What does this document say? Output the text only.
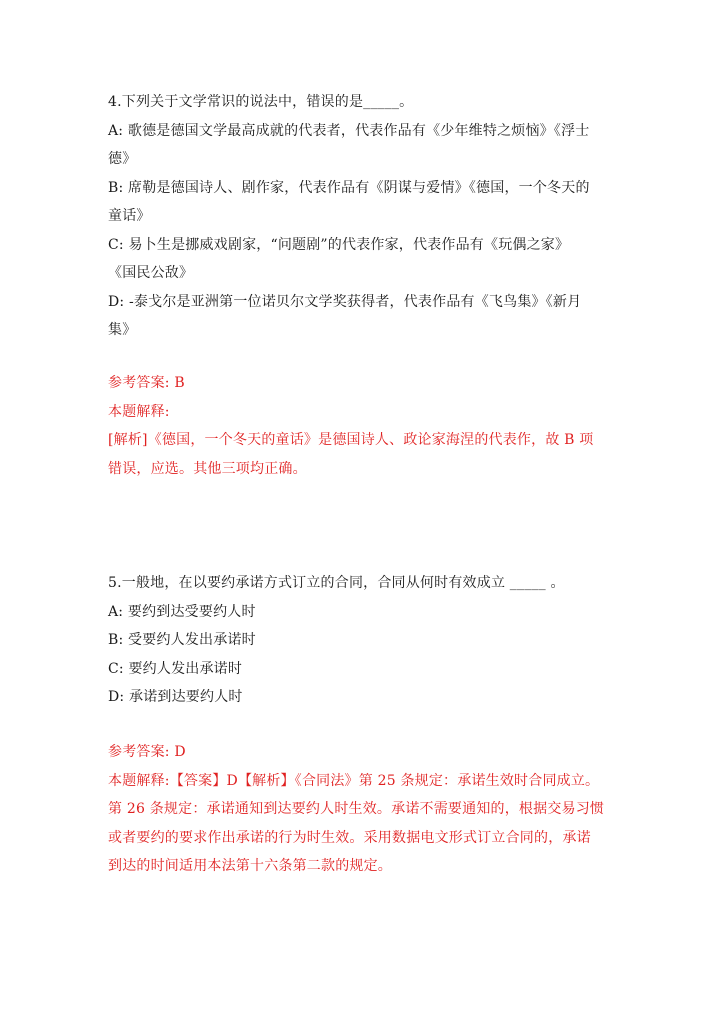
4.下列关于文学常识的说法中，错误的是_____。
A: 歌德是德国文学最高成就的代表者，代表作品有《少年维特之烦恼》《浮士
德》
B: 席勒是德国诗人、剧作家，代表作品有《阴谋与爱情》《德国，一个冬天的
童话》
C: 易卜生是挪威戏剧家，“问题剧”的代表作家，代表作品有《玩偶之家》
《国民公敌》
D: -泰戈尔是亚洲第一位诺贝尔文学奖获得者，代表作品有《飞鸟集》《新月
集》
参考答案: B
本题解释:
[解析]《德国，一个冬天的童话》是德国诗人、政论家海涅的代表作，故 B 项
错误，应选。其他三项均正确。
5.一般地，在以要约承诺方式订立的合同，合同从何时有效成立 _____ 。
A: 要约到达受要约人时
B: 受要约人发出承诺时
C: 要约人发出承诺时
D: 承诺到达要约人时
参考答案: D
本题解释:【答案】D【解析】《合同法》第 25 条规定：承诺生效时合同成立。
第 26 条规定：承诺通知到达要约人时生效。承诺不需要通知的，根据交易习惯
或者要约的要求作出承诺的行为时生效。采用数据电文形式订立合同的，承诺
到达的时间适用本法第十六条第二款的规定。
